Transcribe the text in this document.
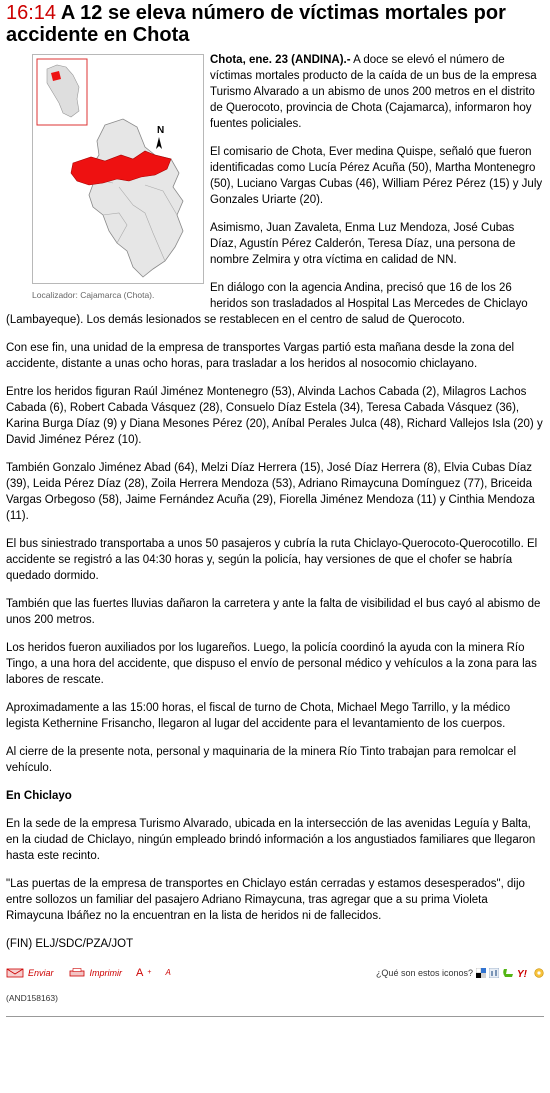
16:14 A 12 se eleva número de víctimas mortales por accidente en Chota
N
Localizador: Cajamarca (Chota).

Chota, ene. 23 (ANDINA).- A doce se elevó el número de víctimas mortales producto de la caída de un bus de la empresa Turismo Alvarado a un abismo de unos 200 metros en el distrito de Querocoto, provincia de Chota (Cajamarca), informaron hoy fuentes policiales.

El comisario de Chota, Ever medina Quispe, señaló que fueron identificadas como Lucía Pérez Acuña (50), Martha Montenegro (50), Luciano Vargas Cubas (46), William Pérez Pérez (15) y July Gonzales Uriarte (20).

Asimismo, Juan Zavaleta, Enma Luz Mendoza, José Cubas Díaz, Agustín Pérez Calderón, Teresa Díaz, una persona de nombre Zelmira y otra víctima en calidad de NN.

En diálogo con la agencia Andina, precisó que 16 de los 26 heridos son trasladados al Hospital Las Mercedes de Chiclayo (Lambayeque). Los demás lesionados se restablecen en el centro de salud de Querocoto.

Con ese fin, una unidad de la empresa de transportes Vargas partió esta mañana desde la zona del accidente, distante a unas ocho horas, para trasladar a los heridos al nosocomio chiclayano.

Entre los heridos figuran Raúl Jiménez Montenegro (53), Alvinda Lachos Cabada (2), Milagros Lachos Cabada (6), Robert Cabada Vásquez (28), Consuelo Díaz Estela (34), Teresa Cabada Vásquez (36), Karina Burga Díaz (9) y Diana Mesones Pérez (20), Aníbal Perales Julca (48), Richard Vallejos Isla (20) y David Jiménez Pérez (10).

También Gonzalo Jiménez Abad (64), Melzi Díaz Herrera (15), José Díaz Herrera (8), Elvia Cubas Díaz (39), Leida Pérez Díaz (28), Zoila Herrera Mendoza (53), Adriano Rimaycuna Domínguez (77), Briceida Vargas Orbegoso (58), Jaime Fernández Acuña (29), Fiorella Jiménez Mendoza (11) y Cinthia Mendoza (11).

El bus siniestrado transportaba a unos 50 pasajeros y cubría la ruta Chiclayo-Querocoto-Querocotillo. El accidente se registró a las 04:30 horas y, según la policía, hay versiones de que el chofer se habría quedado dormido.

También que las fuertes lluvias dañaron la carretera y ante la falta de visibilidad el bus cayó al abismo de unos 200 metros.

Los heridos fueron auxiliados por los lugareños. Luego, la policía coordinó la ayuda con la minera Río Tingo, a una hora del accidente, que dispuso el envío de personal médico y vehículos a la zona para las labores de rescate.

Aproximadamente a las 15:00 horas, el fiscal de turno de Chota, Michael Mego Tarrillo, y la médico legista Kethernine Frisancho, llegaron al lugar del accidente para el levantamiento de los cuerpos.

Al cierre de la presente nota, personal y maquinaria de la minera Río Tinto trabajan para remolcar el vehículo.

En Chiclayo

En la sede de la empresa Turismo Alvarado, ubicada en la intersección de las avenidas Leguía y Balta, en la ciudad de Chiclayo, ningún empleado brindó información a los angustiados familiares que llegaron hasta este recinto.

"Las puertas de la empresa de transportes en Chiclayo están cerradas y estamos desesperados", dijo entre sollozos un familiar del pasajero Adriano Rimaycuna, tras agregar que a su prima Violeta Rimaycuna Ibáñez no la encuentran en la lista de heridos ni de fallecidos.

(FIN) ELJ/SDC/PZA/JOT

Enviar	Imprimir A + A	¿Qué son estos iconos?	Y!
(AND158163)
